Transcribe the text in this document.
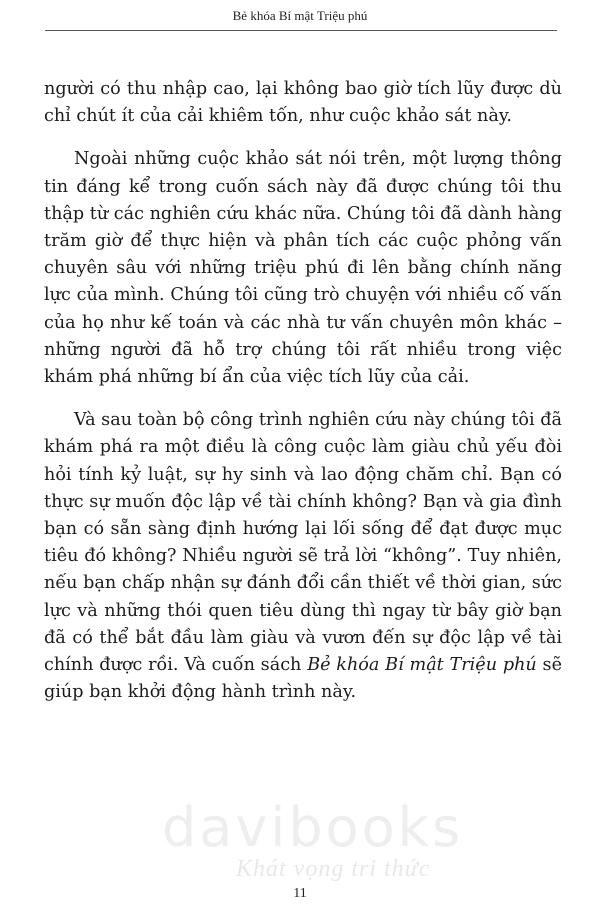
Bẻ khóa Bí mật Triệu phú

người có thu nhập cao, lại không bao giờ tích lũy được dù chỉ chút ít của cải khiêm tốn, như cuộc khảo sát này.

Ngoài những cuộc khảo sát nói trên, một lượng thông tin đáng kể trong cuốn sách này đã được chúng tôi thu thập từ các nghiên cứu khác nữa. Chúng tôi đã dành hàng trăm giờ để thực hiện và phân tích các cuộc phỏng vấn chuyên sâu với những triệu phú đi lên bằng chính năng lực của mình. Chúng tôi cũng trò chuyện với nhiều cố vấn của họ như kế toán và các nhà tư vấn chuyên môn khác – những người đã hỗ trợ chúng tôi rất nhiều trong việc khám phá những bí ẩn của việc tích lũy của cải.

Và sau toàn bộ công trình nghiên cứu này chúng tôi đã khám phá ra một điều là công cuộc làm giàu chủ yếu đòi hỏi tính kỷ luật, sự hy sinh và lao động chăm chỉ. Bạn có thực sự muốn độc lập về tài chính không? Bạn và gia đình bạn có sẵn sàng định hướng lại lối sống để đạt được mục tiêu đó không? Nhiều người sẽ trả lời “không”. Tuy nhiên, nếu bạn chấp nhận sự đánh đổi cần thiết về thời gian, sức lực và những thói quen tiêu dùng thì ngay từ bây giờ bạn đã có thể bắt đầu làm giàu và vươn đến sự độc lập về tài chính được rồi. Và cuốn sách Bẻ khóa Bí mật Triệu phú sẽ giúp bạn khởi động hành trình này.

davibooks
Khát vọng tri thức
11
